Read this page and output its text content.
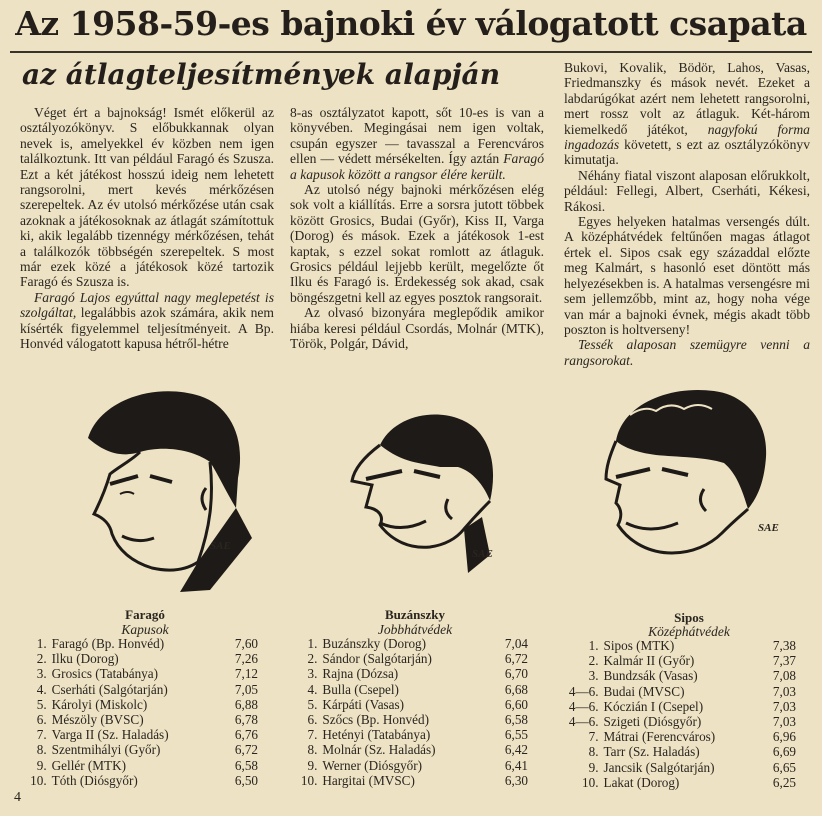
Az 1958-59-es bajnoki év válogatott csapata
az átlagteljesítmények alapján

Véget ért a bajnokság! Ismét előkerül az osztályozókönyv. S előbukkannak olyan nevek is, amelyekkel év közben nem igen találkoztunk. Itt van például Faragó és Szusza. Ezt a két játékost hosszú ideig nem lehetett rangsorolni, mert kevés mérkőzésen szerepeltek. Az év utolsó mérkőzése után csak azoknak a játékosoknak az átlagát számítottuk ki, akik legalább tizennégy mérkőzésen, tehát a találkozók többségén szerepeltek. S most már ezek közé a játékosok közé tartozik Faragó és Szusza is.

Faragó Lajos egyúttal nagy meglepetést is szolgáltat, legalábbis azok számára, akik nem kísérték figyelemmel teljesítményeit. A Bp. Honvéd válogatott kapusa hétről-hétre

8-as osztályzatot kapott, sőt 10-es is van a könyvében. Megingásai nem igen voltak, csupán egyszer — tavasszal a Ferencváros ellen — védett mérsékelten. Így aztán Faragó a kapusok között a rangsor élére került.

Az utolsó négy bajnoki mérkőzésen elég sok volt a kiállítás. Erre a sorsra jutott többek között Grosics, Budai (Győr), Kiss II, Varga (Dorog) és mások. Ezek a játékosok 1-est kaptak, s ezzel sokat romlott az átlaguk. Grosics például lejjebb került, megelőzte őt Ilku és Faragó is. Érdekesség sok akad, csak böngészgetni kell az egyes posztok rangsorait.

Az olvasó bizonyára meglepődik amikor hiába keresi például Csordás, Molnár (MTK), Török, Polgár, Dávid,

Bukovi, Kovalik, Bödör, Lahos, Vasas, Friedmanszky és mások nevét. Ezeket a labdarúgókat azért nem lehetett rangsorolni, mert rossz volt az átlaguk. Két-három kiemelkedő játékot, nagyfokú forma ingadozás követett, s ezt az osztályzókönyv kimutatja.

Néhány fiatal viszont alaposan előrukkolt, például: Fellegi, Albert, Cserháti, Kékesi, Rákosi.

Egyes helyeken hatalmas versengés dúlt. A középhátvédek feltűnően magas átlagot értek el. Sipos csak egy századdal előzte meg Kalmárt, s hasonló eset döntött más helyezésekben is. A hatalmas versengésre mi sem jellemzőbb, mint az, hogy noha vége van már a bajnoki évnek, mégis akadt több poszton is holtverseny!

Tessék alaposan szemügyre venni a rangsorokat.

SAE
SAE
SAE
Faragó
Kapusok
1.	Faragó (Bp. Honvéd)	7,60
2.	Ilku (Dorog)	7,26
3.	Grosics (Tatabánya)	7,12
4.	Cserháti (Salgótarján)	7,05
5.	Károlyi (Miskolc)	6,88
6.	Mészöly (BVSC)	6,78
7.	Varga II (Sz. Haladás)	6,76
8.	Szentmihályi (Győr)	6,72
9.	Gellér (MTK)	6,58
10.	Tóth (Diósgyőr)	6,50
Buzánszky
Jobbhátvédek
1.	Buzánszky (Dorog)	7,04
2.	Sándor (Salgótarján)	6,72
3.	Rajna (Dózsa)	6,70
4.	Bulla (Csepel)	6,68
5.	Kárpáti (Vasas)	6,60
6.	Szőcs (Bp. Honvéd)	6,58
7.	Hetényi (Tatabánya)	6,55
8.	Molnár (Sz. Haladás)	6,42
9.	Werner (Diósgyőr)	6,41
10.	Hargitai (MVSC)	6,30
Sipos
Középhátvédek
1.	Sipos (MTK)	7,38
2.	Kalmár II (Győr)	7,37
3.	Bundzsák (Vasas)	7,08
4—6.	Budai (MVSC)	7,03
4—6.	Kóczián I (Csepel)	7,03
4—6.	Szigeti (Diósgyőr)	7,03
7.	Mátrai (Ferencváros)	6,96
8.	Tarr (Sz. Haladás)	6,69
9.	Jancsik (Salgótarján)	6,65
10.	Lakat (Dorog)	6,25
4
